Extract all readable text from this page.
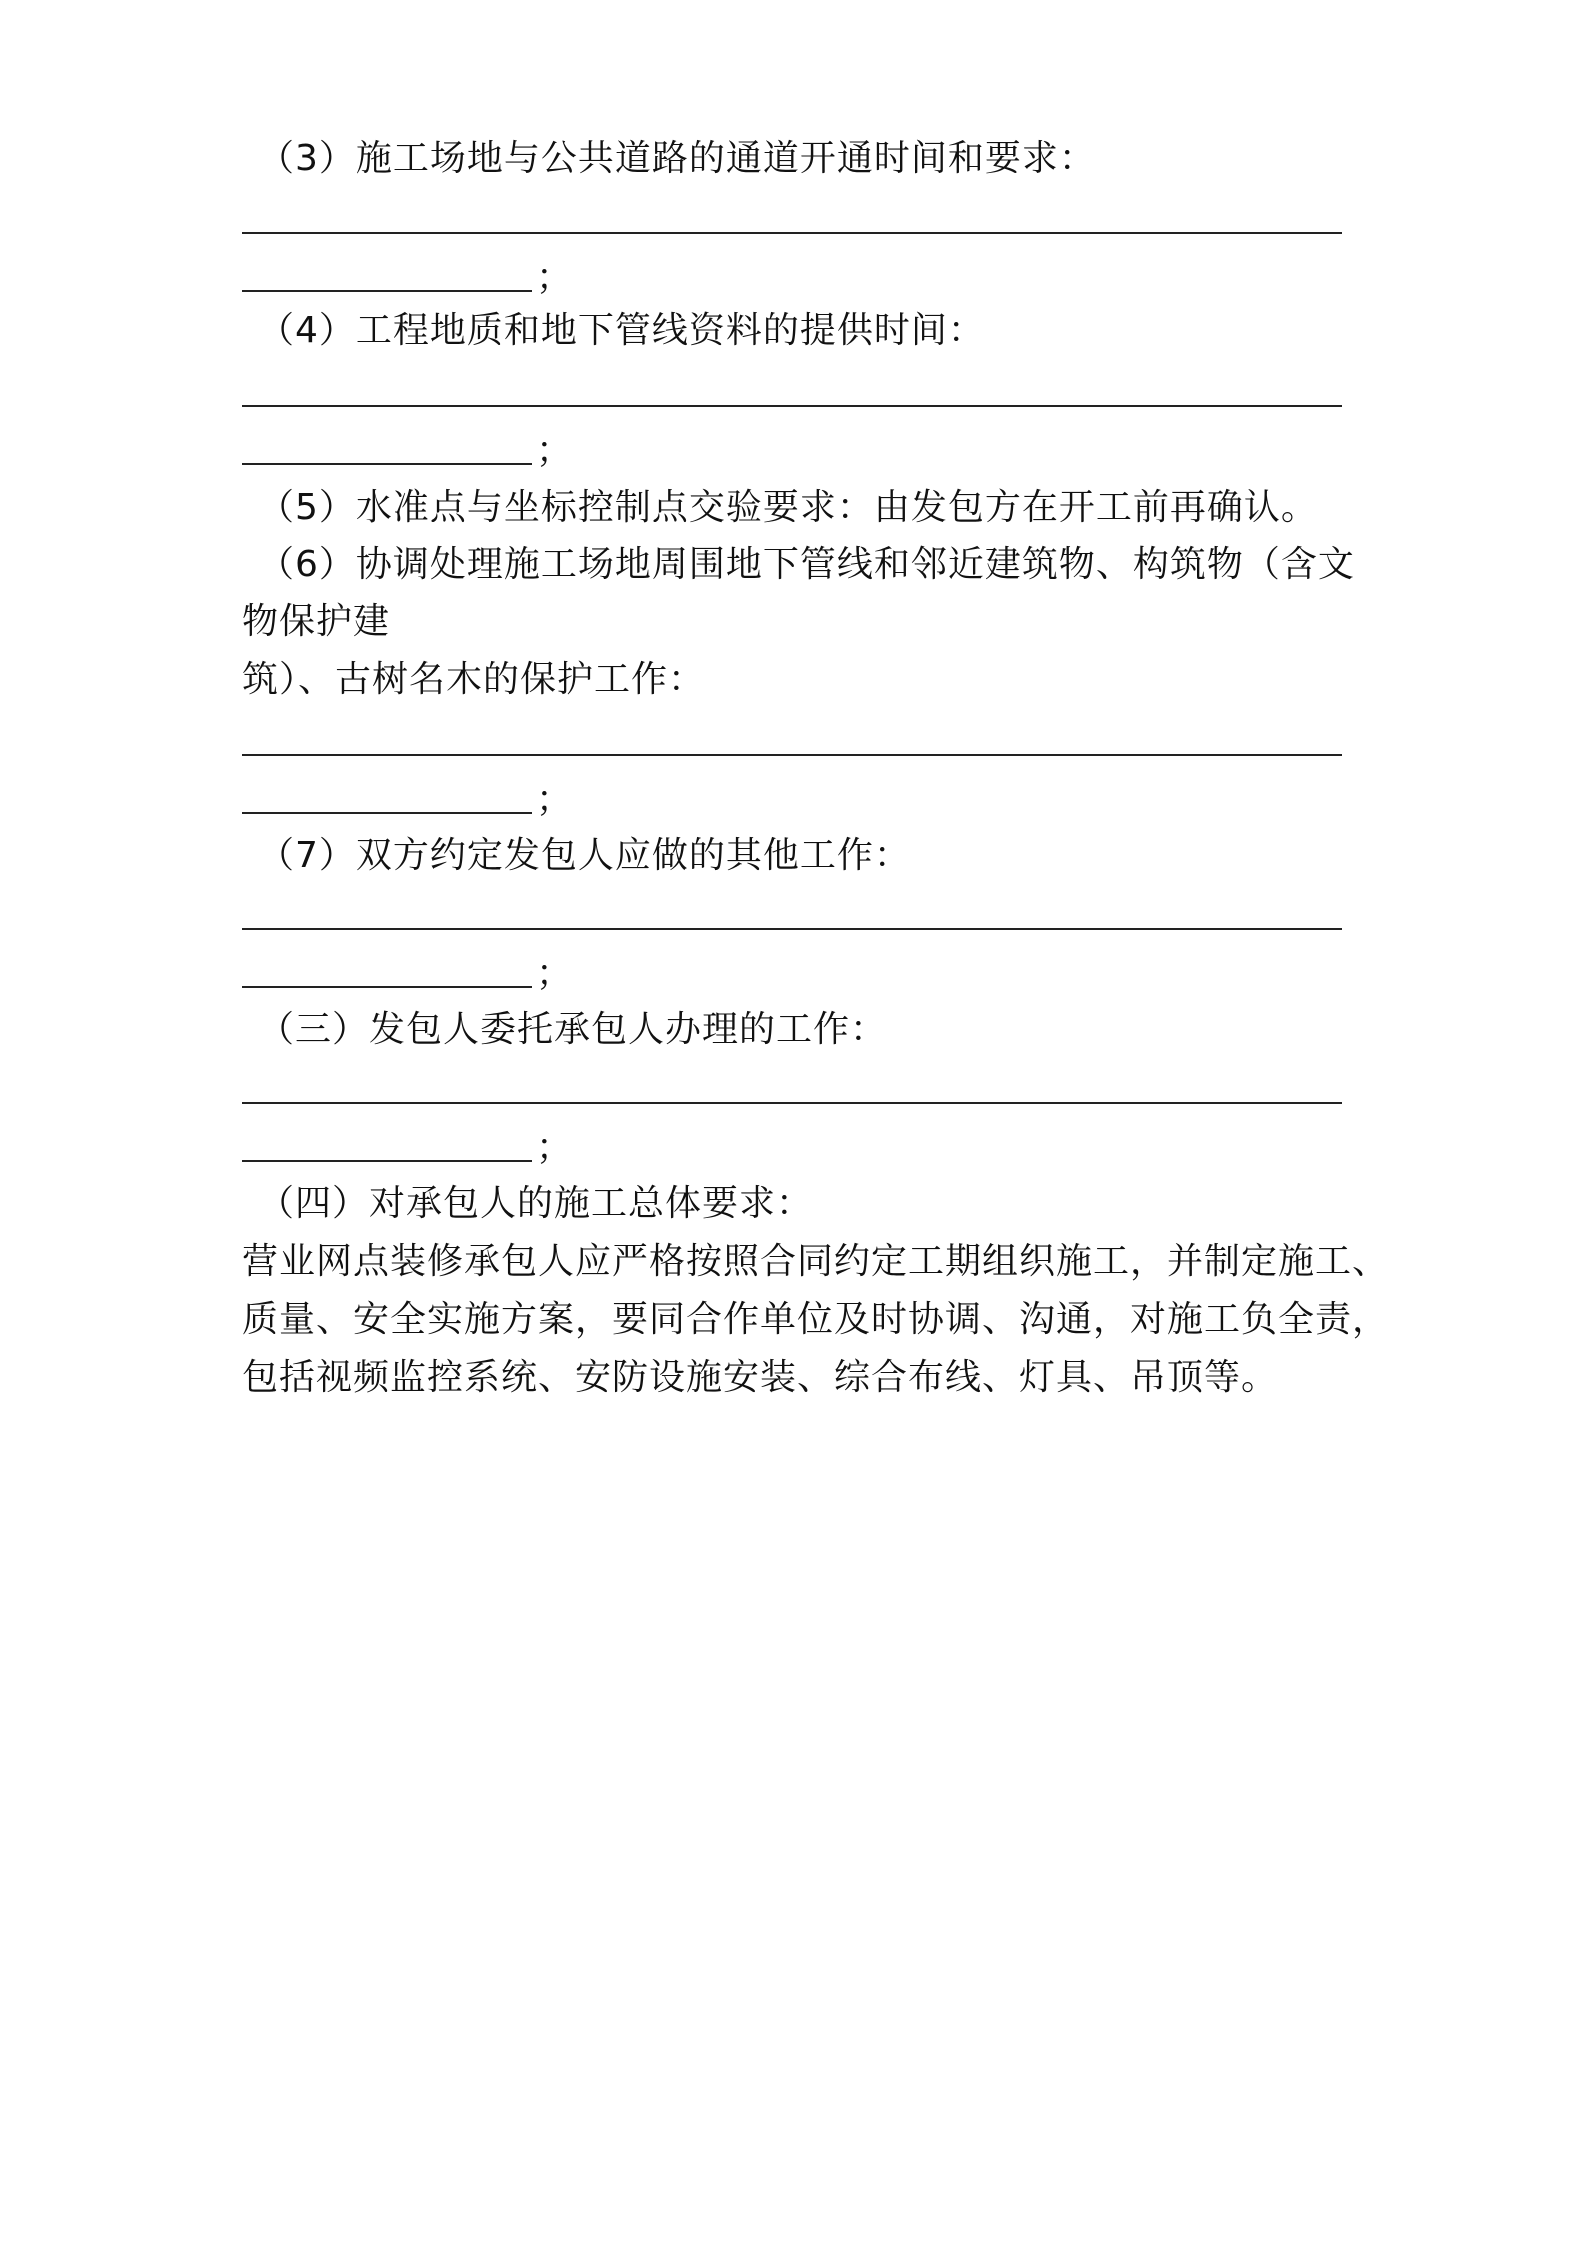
（3）施工场地与公共道路的通道开通时间和要求：
；
（4）工程地质和地下管线资料的提供时间：
；
（5）水准点与坐标控制点交验要求：由发包方在开工前再确认。
（6）协调处理施工场地周围地下管线和邻近建筑物、构筑物（含文
物保护建
筑）、古树名木的保护工作：
；
（7）双方约定发包人应做的其他工作：
；
（三）发包人委托承包人办理的工作：
；
（四）对承包人的施工总体要求：
营业网点装修承包人应严格按照合同约定工期组织施工，并制定施工、
质量、安全实施方案，要同合作单位及时协调、沟通，对施工负全责，
包括视频监控系统、安防设施安装、综合布线、灯具、吊顶等。
